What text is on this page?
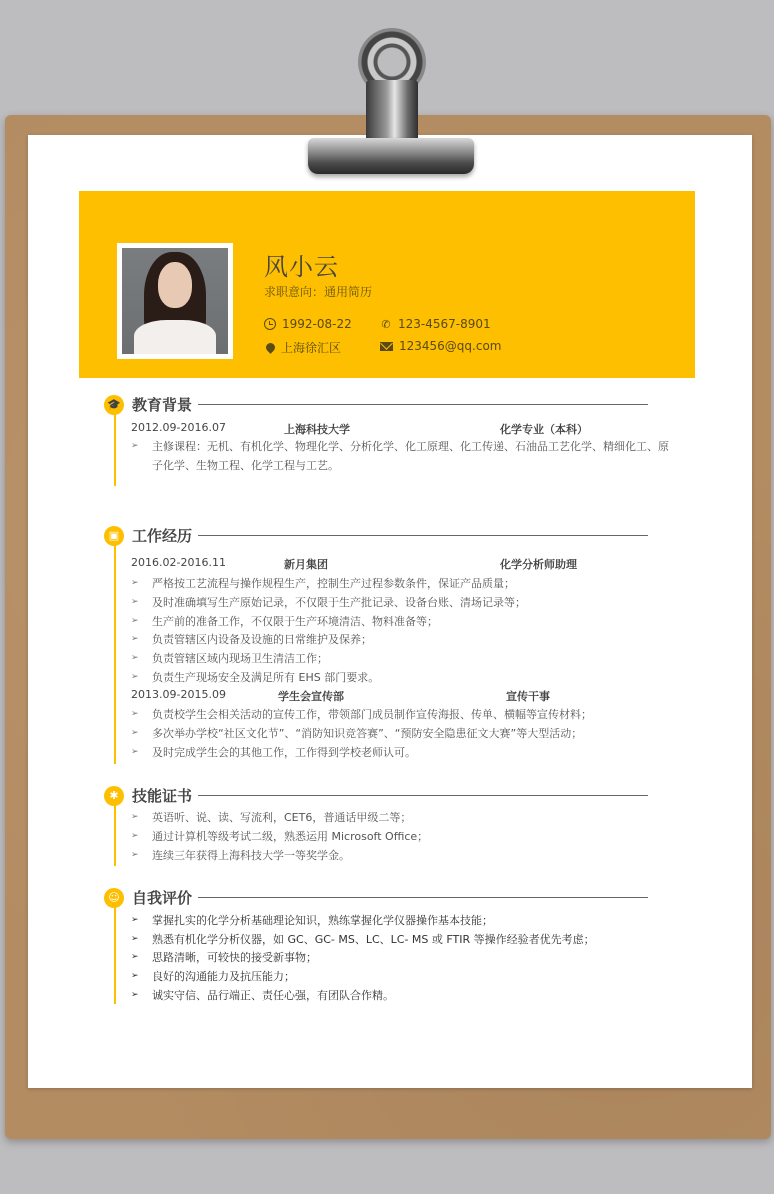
风小云
求职意向：通用简历
1992-08-22	✆ 123-4567-8901
上海徐汇区	123456@qq.com
🎓 教育背景
2012.09-2016.07	上海科技大学	化学专业（本科）
➢ 主修课程：无机、有机化学、物理化学、分析化学、化工原理、化工传递、石油品工艺化学、精细化工、原子化学、生物工程、化学工程与工艺。
▣ 工作经历
2016.02-2016.11	新月集团	化学分析师助理
➢ 严格按工艺流程与操作规程生产，控制生产过程参数条件，保证产品质量；
➢ 及时准确填写生产原始记录，不仅限于生产批记录、设备台账、清场记录等；
➢ 生产前的准备工作，不仅限于生产环境清洁、物料准备等；
➢ 负责管辖区内设备及设施的日常维护及保养；
➢ 负责管辖区域内现场卫生清洁工作；
➢ 负责生产现场安全及满足所有 EHS 部门要求。
2013.09-2015.09	学生会宣传部	宣传干事
➢ 负责校学生会相关活动的宣传工作，带领部门成员制作宣传海报、传单、横幅等宣传材料；
➢ 多次举办学校“社区文化节”、“消防知识竞答赛”、“预防安全隐患征文大赛”等大型活动；
➢ 及时完成学生会的其他工作，工作得到学校老师认可。
✱ 技能证书
➢ 英语听、说、读、写流利，CET6，普通话甲级二等；
➢ 通过计算机等级考试二级，熟悉运用 Microsoft Office；
➢ 连续三年获得上海科技大学一等奖学金。
☺ 自我评价
➢ 掌握扎实的化学分析基础理论知识，熟练掌握化学仪器操作基本技能；
➢ 熟悉有机化学分析仪器，如 GC、GC- MS、LC、LC- MS 或 FTIR 等操作经验者优先考虑；
➢ 思路清晰，可较快的接受新事物；
➢ 良好的沟通能力及抗压能力；
➢ 诚实守信、品行端正、责任心强，有团队合作精。
